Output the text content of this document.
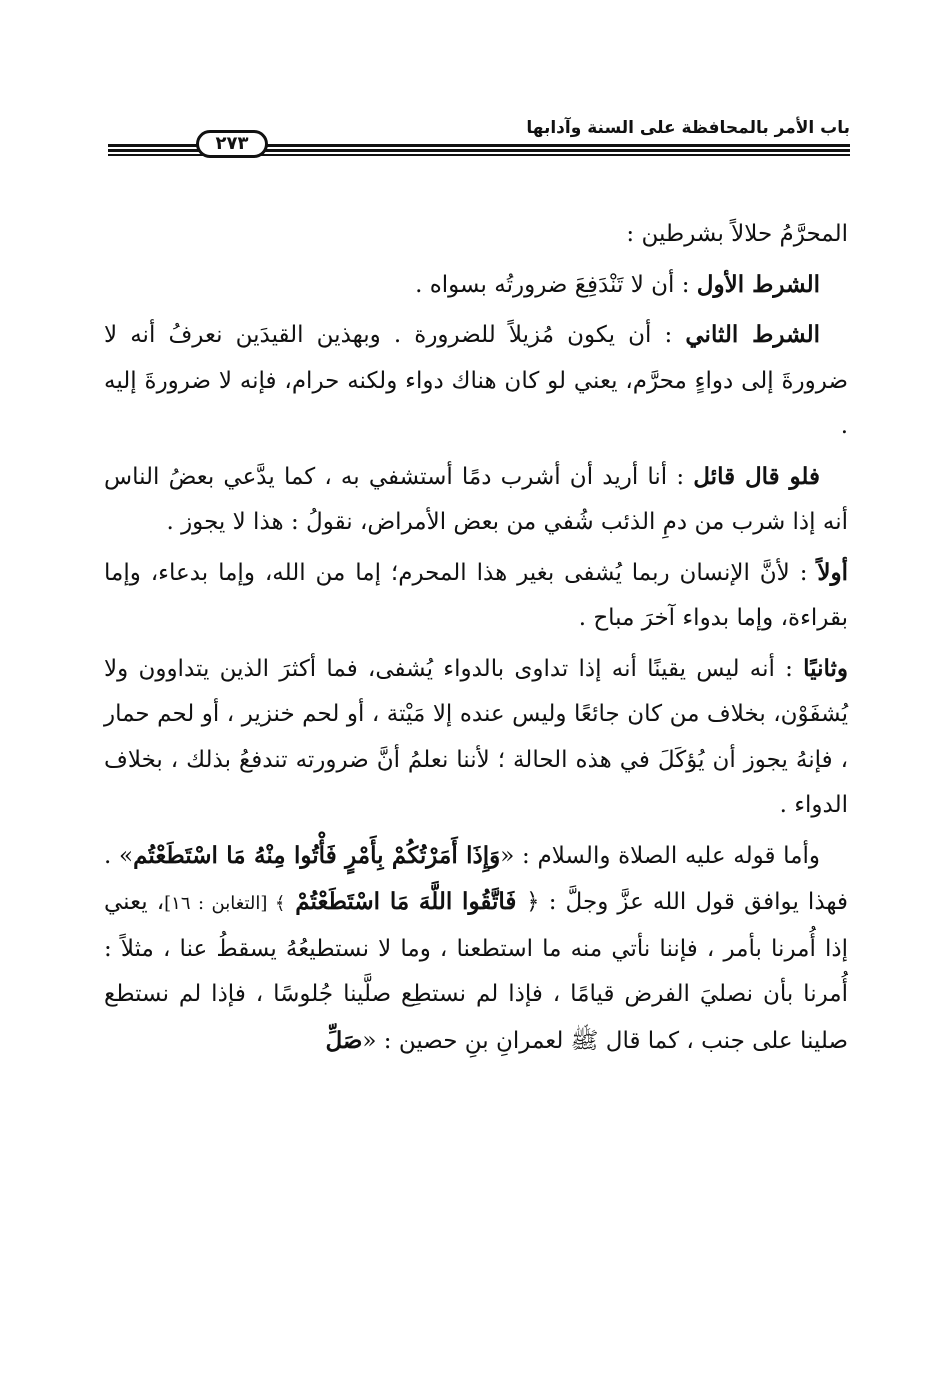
باب الأمر بالمحافظة على السنة وآدابها
٢٧٣

المحرَّمُ حلالاً بشرطين :

الشرط الأول : أن لا تَنْدَفِعَ ضرورتُه بسواه .

الشرط الثاني : أن يكون مُزيلاً للضرورة . وبهذين القيدَين نعرفُ أنه لا ضرورةَ إلى دواءٍ محرَّم، يعني لو كان هناك دواء ولكنه حرام، فإنه لا ضرورةَ إليه .

فلو قال قائل : أنا أريد أن أشرب دمًا أستشفي به ، كما يدَّعي بعضُ الناس أنه إذا شرب من دمِ الذئب شُفي من بعض الأمراض، نقولُ : هذا لا يجوز .

أولاً : لأنَّ الإنسان ربما يُشفى بغير هذا المحرم؛ إما من الله، وإما بدعاء، وإما بقراءة، وإما بدواء آخرَ مباح .

وثانيًا : أنه ليس يقينًا أنه إذا تداوى بالدواء يُشفى، فما أكثرَ الذين يتداوون ولا يُشفَوْن، بخلاف من كان جائعًا وليس عنده إلا مَيْتة ، أو لحم خنزير ، أو لحم حمار ، فإنهُ يجوز أن يُؤكَلَ في هذه الحالة ؛ لأننا نعلمُ أنَّ ضرورته تندفعُ بذلك ، بخلاف الدواء .

وأما قوله عليه الصلاة والسلام : «وَإِذَا أَمَرْتُكُمْ بِأَمْرٍ فَأْتُوا مِنْهُ مَا اسْتَطَعْتُم» . فهذا يوافق قول الله عزَّ وجلَّ : ﴿ فَاتَّقُوا اللَّهَ مَا اسْتَطَعْتُمْ ﴾ [التغابن : ١٦]، يعني إذا أُمرنا بأمر ، فإننا نأتي منه ما استطعنا ، وما لا نستطيعُهُ يسقطُ عنا ، مثلاً : أُمرنا بأن نصليَ الفرض قيامًا ، فإذا لم نستطِع صلَّينا جُلوسًا ، فإذا لم نستطع صلينا على جنب ، كما قال ﷺ لعمرانِ بنِ حصين : «صَلِّ
